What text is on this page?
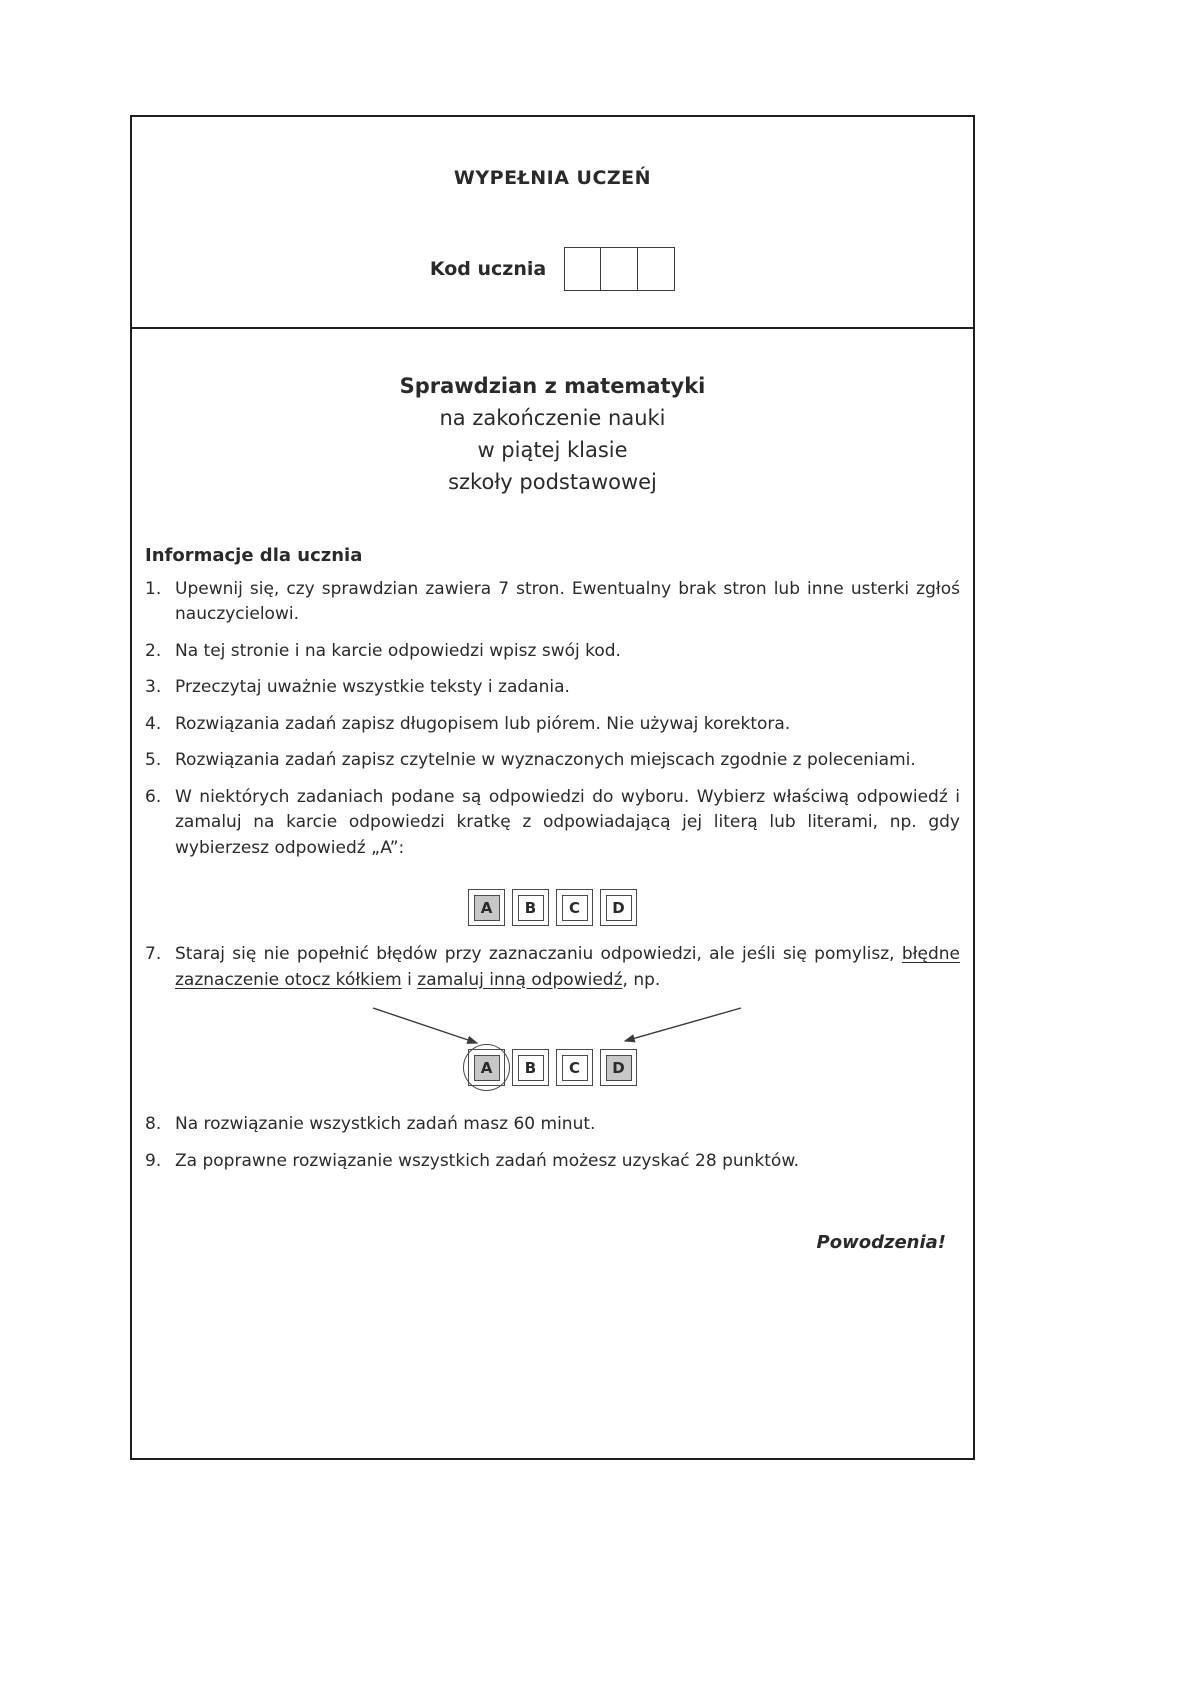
WYPEŁNIA UCZEŃ
Kod ucznia
Sprawdzian z matematyki
na zakończenie nauki
w piątej klasie
szkoły podstawowej
Informacje dla ucznia
1. Upewnij się, czy sprawdzian zawiera 7 stron. Ewentualny brak stron lub inne usterki zgłoś nauczycielowi.
2. Na tej stronie i na karcie odpowiedzi wpisz swój kod.
3. Przeczytaj uważnie wszystkie teksty i zadania.
4. Rozwiązania zadań zapisz długopisem lub piórem. Nie używaj korektora.
5. Rozwiązania zadań zapisz czytelnie w wyznaczonych miejscach zgodnie z poleceniami.
6. W niektórych zadaniach podane są odpowiedzi do wyboru. Wybierz właściwą odpowiedź i zamaluj na karcie odpowiedzi kratkę z odpowiadającą jej literą lub literami, np. gdy wybierzesz odpowiedź „A”:
A	B	C	D
7. Staraj się nie popełnić błędów przy zaznaczaniu odpowiedzi, ale jeśli się pomylisz, błędne zaznaczenie otocz kółkiem i zamaluj inną odpowiedź, np.
A	B	C	D
8. Na rozwiązanie wszystkich zadań masz 60 minut.
9. Za poprawne rozwiązanie wszystkich zadań możesz uzyskać 28 punktów.
Powodzenia!
